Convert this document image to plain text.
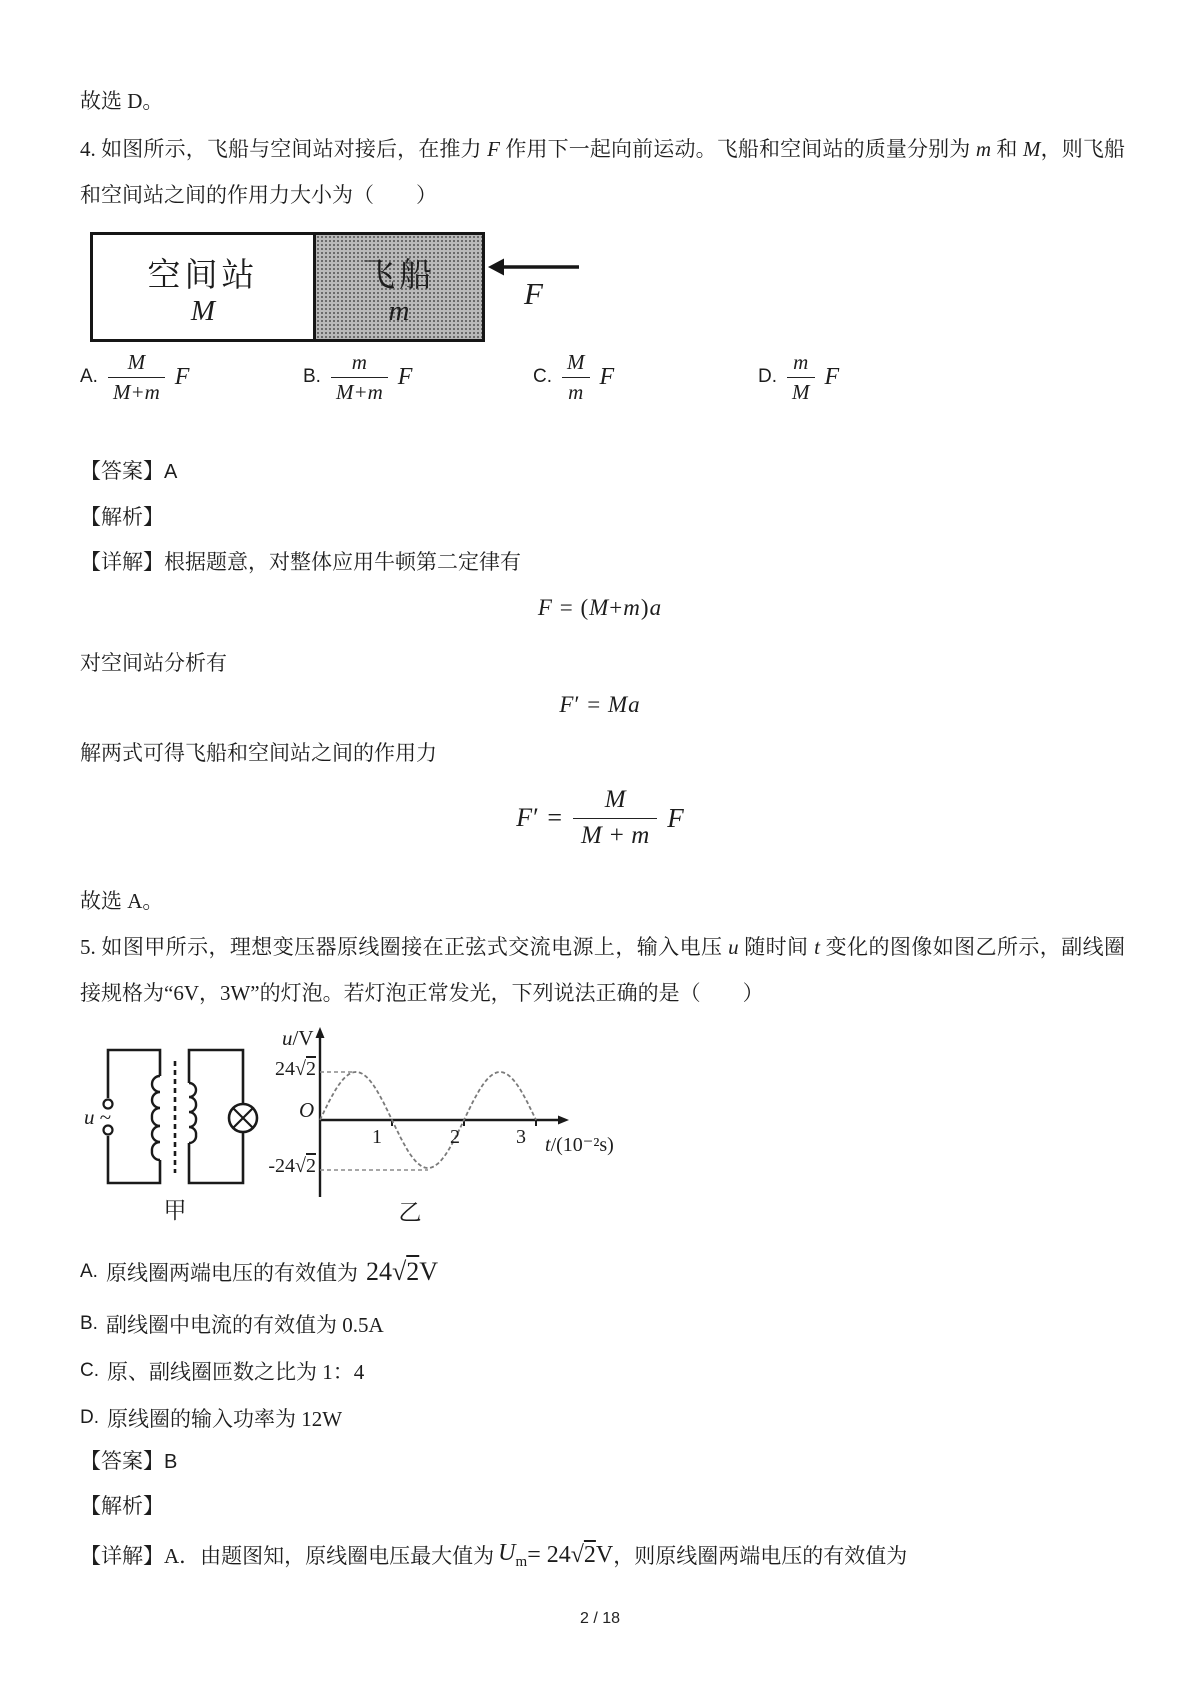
故选 D。
4. 如图所示，飞船与空间站对接后，在推力 F 作用下一起向前运动。飞船和空间站的质量分别为 m 和 M，则飞船和空间站之间的作用力大小为（　　）
空间站
M
飞船
m	F
A. $\frac{M}{M+m}$ F	B. $\frac{m}{M+m}$ F	C. $\frac{M}{m}$ F	D. $\frac{m}{M}$ F
【答案】A
【解析】
【详解】根据题意，对整体应用牛顿第二定律有
F = (M+m)a
对空间站分析有
F′ = Ma
解两式可得飞船和空间站之间的作用力
$F' = \frac{M}{M + m}$ F
故选 A。
5. 如图甲所示，理想变压器原线圈接在正弦式交流电源上，输入电压 u 随时间 t 变化的图像如图乙所示，副线圈接规格为“6V，3W”的灯泡。若灯泡正常发光，下列说法正确的是（　　）
u ~
甲
u/V
24√2
O
-24√2
1	2	3 t/(10⁻²s)
乙
A. 原线圈两端电压的有效值为 24√2V
B. 副线圈中电流的有效值为 0.5A
C. 原、副线圈匝数之比为 1：4
D. 原线圈的输入功率为 12W
【答案】B
【解析】
【详解】 A．由题图知，原线圈电压最大值为 $U_m = 24√2V$ ，则原线圈两端电压的有效值为
2 / 18
